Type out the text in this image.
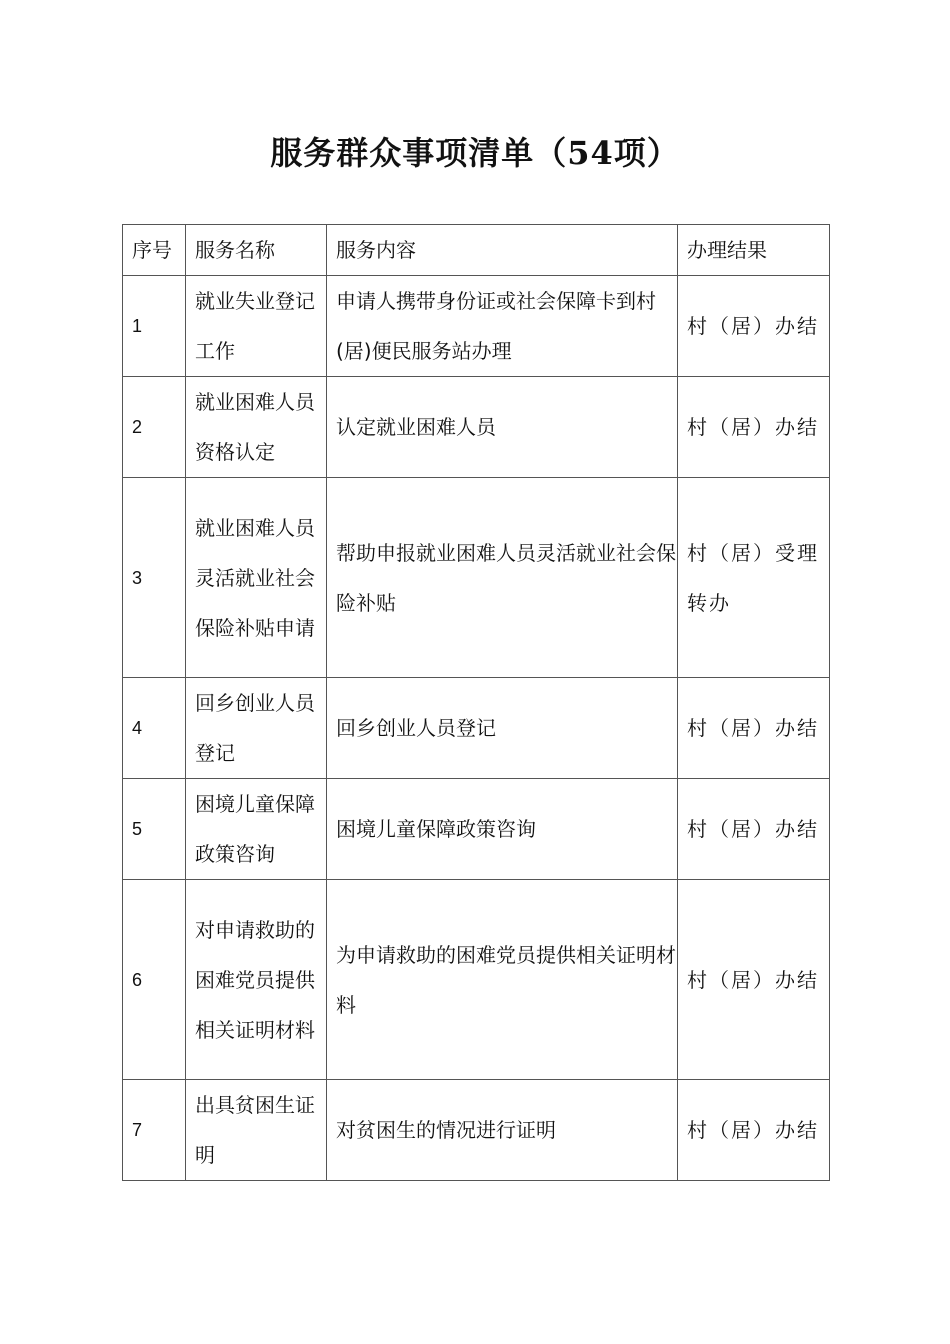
服务群众事项清单（54项）
序号	服务名称	服务内容	办理结果
1	就业失业登记工作	申请人携带身份证或社会保障卡到村(居)便民服务站办理	村（居）办结
2	就业困难人员资格认定	认定就业困难人员	村（居）办结
3	就业困难人员灵活就业社会保险补贴申请	帮助申报就业困难人员灵活就业社会保险补贴	村（居）受理转办
4	回乡创业人员登记	回乡创业人员登记	村（居）办结
5	困境儿童保障政策咨询	困境儿童保障政策咨询	村（居）办结
6	对申请救助的困难党员提供相关证明材料	为申请救助的困难党员提供相关证明材料	村（居）办结
7	出具贫困生证明	对贫困生的情况进行证明	村（居）办结
